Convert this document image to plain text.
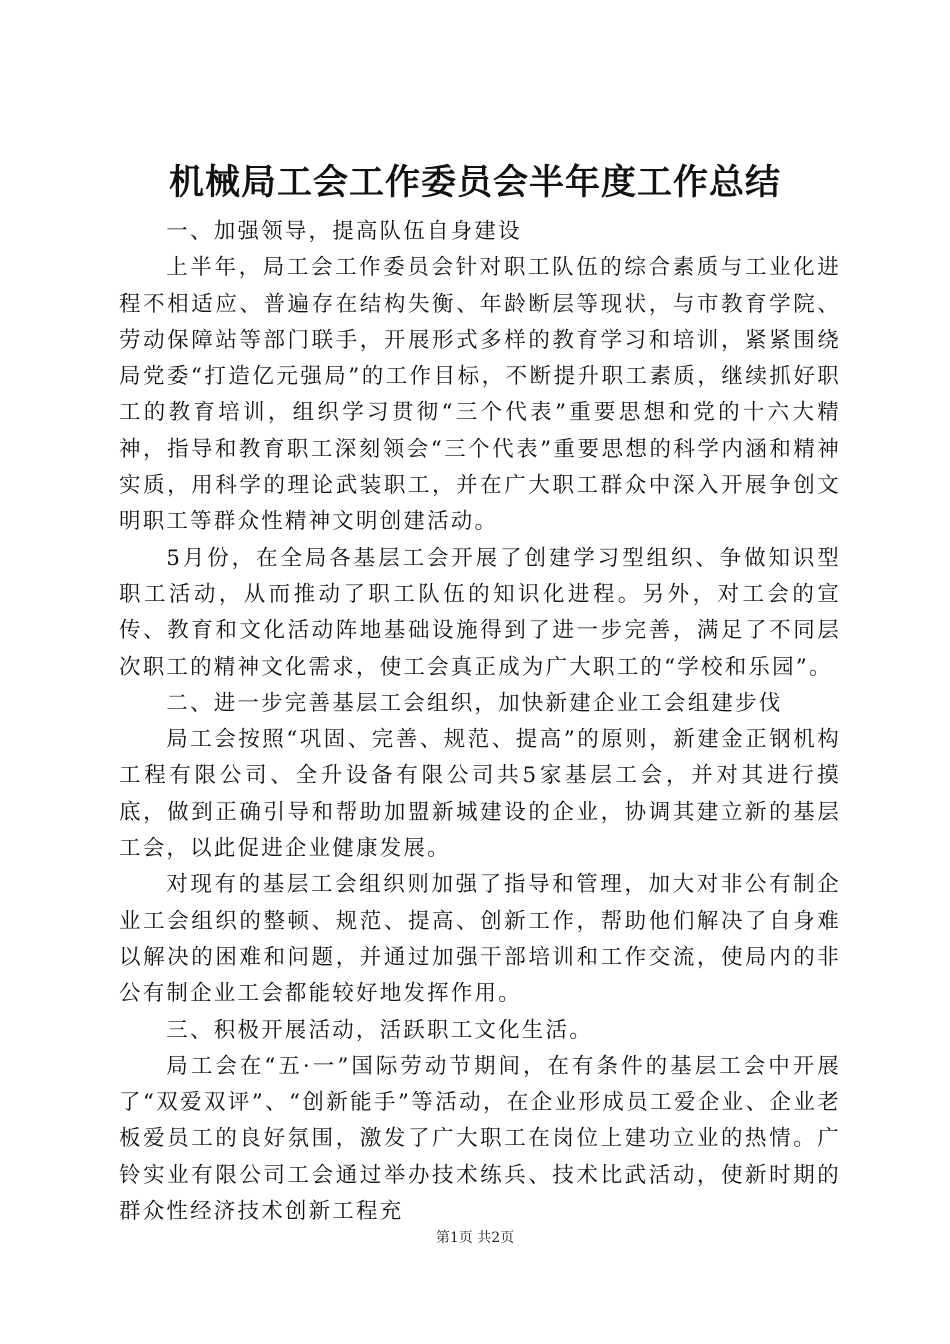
机械局工会工作委员会半年度工作总结

一、加强领导，提高队伍自身建设

上半年，局工会工作委员会针对职工队伍的综合素质与工业化进程不相适应、普遍存在结构失衡、年龄断层等现状，与市教育学院、劳动保障站等部门联手，开展形式多样的教育学习和培训，紧紧围绕局党委“打造亿元强局”的工作目标，不断提升职工素质，继续抓好职工的教育培训，组织学习贯彻“三个代表”重要思想和党的十六大精神，指导和教育职工深刻领会“三个代表”重要思想的科学内涵和精神实质，用科学的理论武装职工，并在广大职工群众中深入开展争创文明职工等群众性精神文明创建活动。

5月份，在全局各基层工会开展了创建学习型组织、争做知识型职工活动，从而推动了职工队伍的知识化进程。另外，对工会的宣传、教育和文化活动阵地基础设施得到了进一步完善，满足了不同层次职工的精神文化需求，使工会真正成为广大职工的“学校和乐园”。

二、进一步完善基层工会组织，加快新建企业工会组建步伐

局工会按照“巩固、完善、规范、提高”的原则，新建金正钢机构工程有限公司、全升设备有限公司共5家基层工会，并对其进行摸底，做到正确引导和帮助加盟新城建设的企业，协调其建立新的基层工会，以此促进企业健康发展。

对现有的基层工会组织则加强了指导和管理，加大对非公有制企业工会组织的整顿、规范、提高、创新工作，帮助他们解决了自身难以解决的困难和问题，并通过加强干部培训和工作交流，使局内的非公有制企业工会都能较好地发挥作用。

三、积极开展活动，活跃职工文化生活。

局工会在“五·一”国际劳动节期间，在有条件的基层工会中开展了“双爱双评”、“创新能手”等活动，在企业形成员工爱企业、企业老板爱员工的良好氛围，激发了广大职工在岗位上建功立业的热情。广铃实业有限公司工会通过举办技术练兵、技术比武活动，使新时期的群众性经济技术创新工程充

第1页 共2页
